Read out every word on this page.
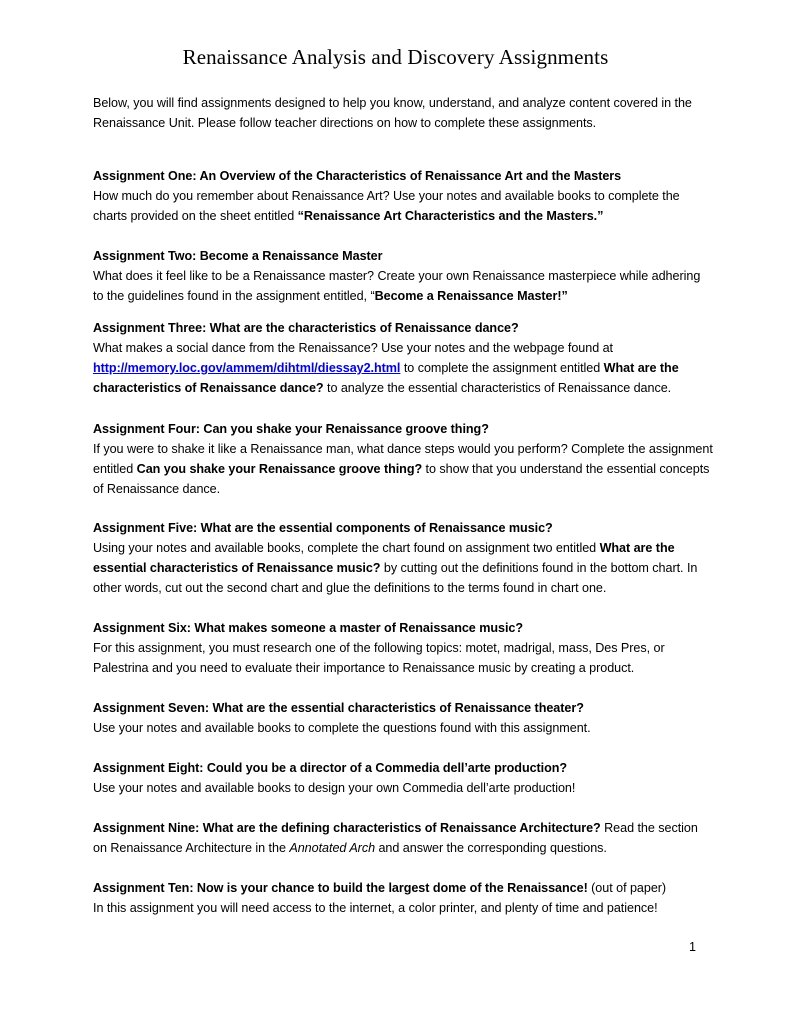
Renaissance Analysis and Discovery Assignments
Below, you will find assignments designed to help you know, understand, and analyze content covered in the Renaissance Unit. Please follow teacher directions on how to complete these assignments.
Assignment One: An Overview of the Characteristics of Renaissance Art and the Masters
How much do you remember about Renaissance Art? Use your notes and available books to complete the charts provided on the sheet entitled “Renaissance Art Characteristics and the Masters.”
Assignment Two: Become a Renaissance Master
What does it feel like to be a Renaissance master? Create your own Renaissance masterpiece while adhering to the guidelines found in the assignment entitled, “Become a Renaissance Master!”
Assignment Three: What are the characteristics of Renaissance dance?
What makes a social dance from the Renaissance? Use your notes and the webpage found at http://memory.loc.gov/ammem/dihtml/diessay2.html to complete the assignment entitled What are the characteristics of Renaissance dance? to analyze the essential characteristics of Renaissance dance.
Assignment Four: Can you shake your Renaissance groove thing?
If you were to shake it like a Renaissance man, what dance steps would you perform? Complete the assignment entitled Can you shake your Renaissance groove thing? to show that you understand the essential concepts of Renaissance dance.
Assignment Five: What are the essential components of Renaissance music?
Using your notes and available books, complete the chart found on assignment two entitled What are the essential characteristics of Renaissance music? by cutting out the definitions found in the bottom chart. In other words, cut out the second chart and glue the definitions to the terms found in chart one.
Assignment Six: What makes someone a master of Renaissance music?
For this assignment, you must research one of the following topics: motet, madrigal, mass, Des Pres, or Palestrina and you need to evaluate their importance to Renaissance music by creating a product.
Assignment Seven: What are the essential characteristics of Renaissance theater?
Use your notes and available books to complete the questions found with this assignment.
Assignment Eight: Could you be a director of a Commedia dell’arte production?
Use your notes and available books to design your own Commedia dell’arte production!
Assignment Nine: What are the defining characteristics of Renaissance Architecture? Read the section on Renaissance Architecture in the Annotated Arch and answer the corresponding questions.
Assignment Ten: Now is your chance to build the largest dome of the Renaissance! (out of paper)
In this assignment you will need access to the internet, a color printer, and plenty of time and patience!
1
